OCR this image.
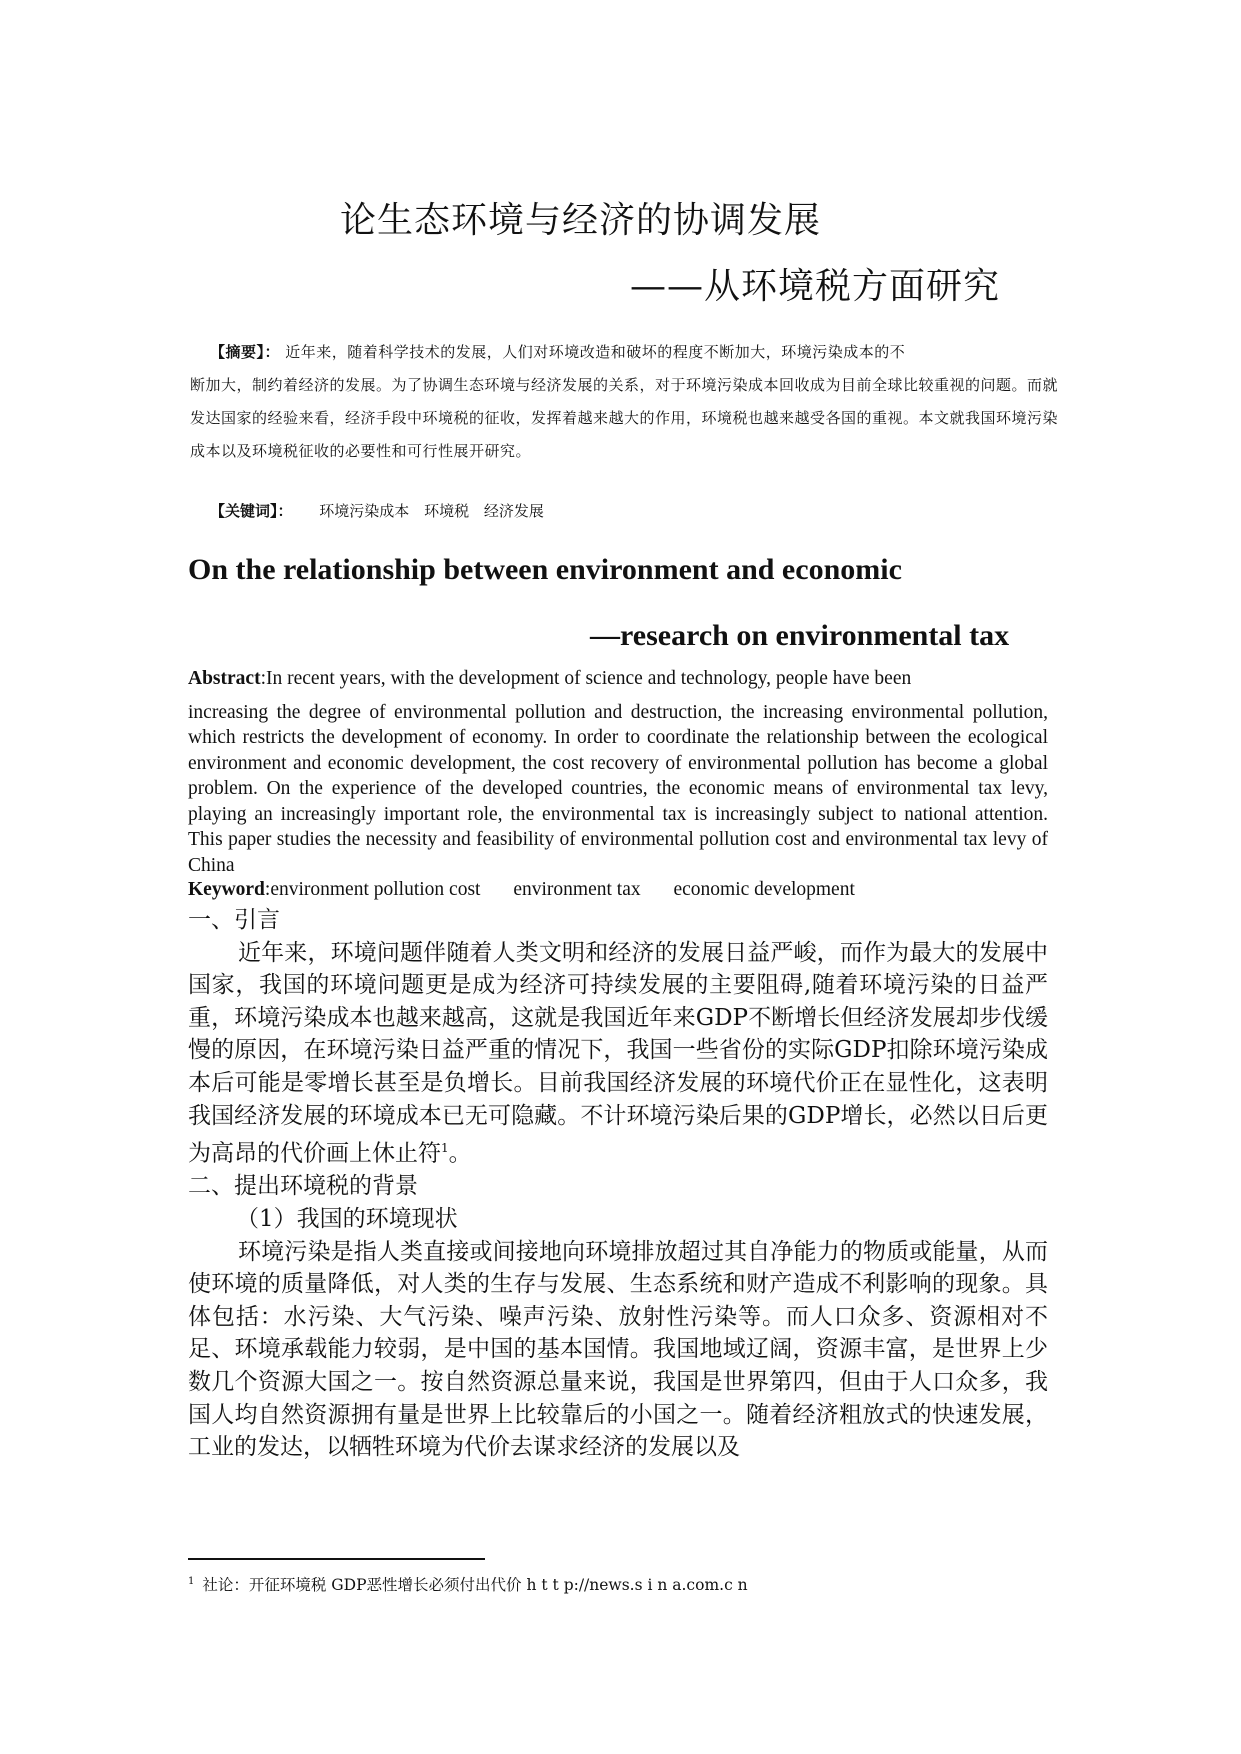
论生态环境与经济的协调发展
——从环境税方面研究
【摘要】： 近年来，随着科学技术的发展，人们对环境改造和破坏的程度不断加大，环境污染成本的不
断加大，制约着经济的发展。为了协调生态环境与经济发展的关系，对于环境污染成本回收成为目前全球比较重视的问题。而就发达国家的经验来看，经济手段中环境税的征收，发挥着越来越大的作用，环境税也越来越受各国的重视。本文就我国环境污染成本以及环境税征收的必要性和可行性展开研究。
【关键词】： 环境污染成本 环境税 经济发展
On the relationship between environment and economic
—research on environmental tax
Abstract:In recent years, with the development of science and technology, people have been
increasing the degree of environmental pollution and destruction, the increasing environmental pollution, which restricts the development of economy. In order to coordinate the relationship between the ecological environment and economic development, the cost recovery of environmental pollution has become a global problem. On the experience of the developed countries, the economic means of environmental tax levy, playing an increasingly important role, the environmental tax is increasingly subject to national attention. This paper studies the necessity and feasibility of environmental pollution cost and environmental tax levy of China
Keyword:environment pollution cost environment tax economic development

一、引言

近年来，环境问题伴随着人类文明和经济的发展日益严峻，而作为最大的发展中国家，我国的环境问题更是成为经济可持续发展的主要阻碍,随着环境污染的日益严重，环境污染成本也越来越高，这就是我国近年来GDP不断增长但经济发展却步伐缓慢的原因，在环境污染日益严重的情况下，我国一些省份的实际GDP扣除环境污染成本后可能是零增长甚至是负增长。目前我国经济发展的环境代价正在显性化，这表明我国经济发展的环境成本已无可隐藏。不计环境污染后果的GDP增长，必然以日后更为高昂的代价画上休止符$^1$。

二、提出环境税的背景

（1）我国的环境现状

环境污染是指人类直接或间接地向环境排放超过其自净能力的物质或能量，从而使环境的质量降低，对人类的生存与发展、生态系统和财产造成不利影响的现象。具体包括：水污染、大气污染、噪声污染、放射性污染等。而人口众多、资源相对不足、环境承载能力较弱，是中国的基本国情。我国地域辽阔，资源丰富，是世界上少数几个资源大国之一。按自然资源总量来说，我国是世界第四，但由于人口众多，我国人均自然资源拥有量是世界上比较靠后的小国之一。随着经济粗放式的快速发展，工业的发达，以牺牲环境为代价去谋求经济的发展以及

$^1$ 社论：开征环境税 GDP恶性增长必须付出代价 h t t p://news.s i n a.com.c n
